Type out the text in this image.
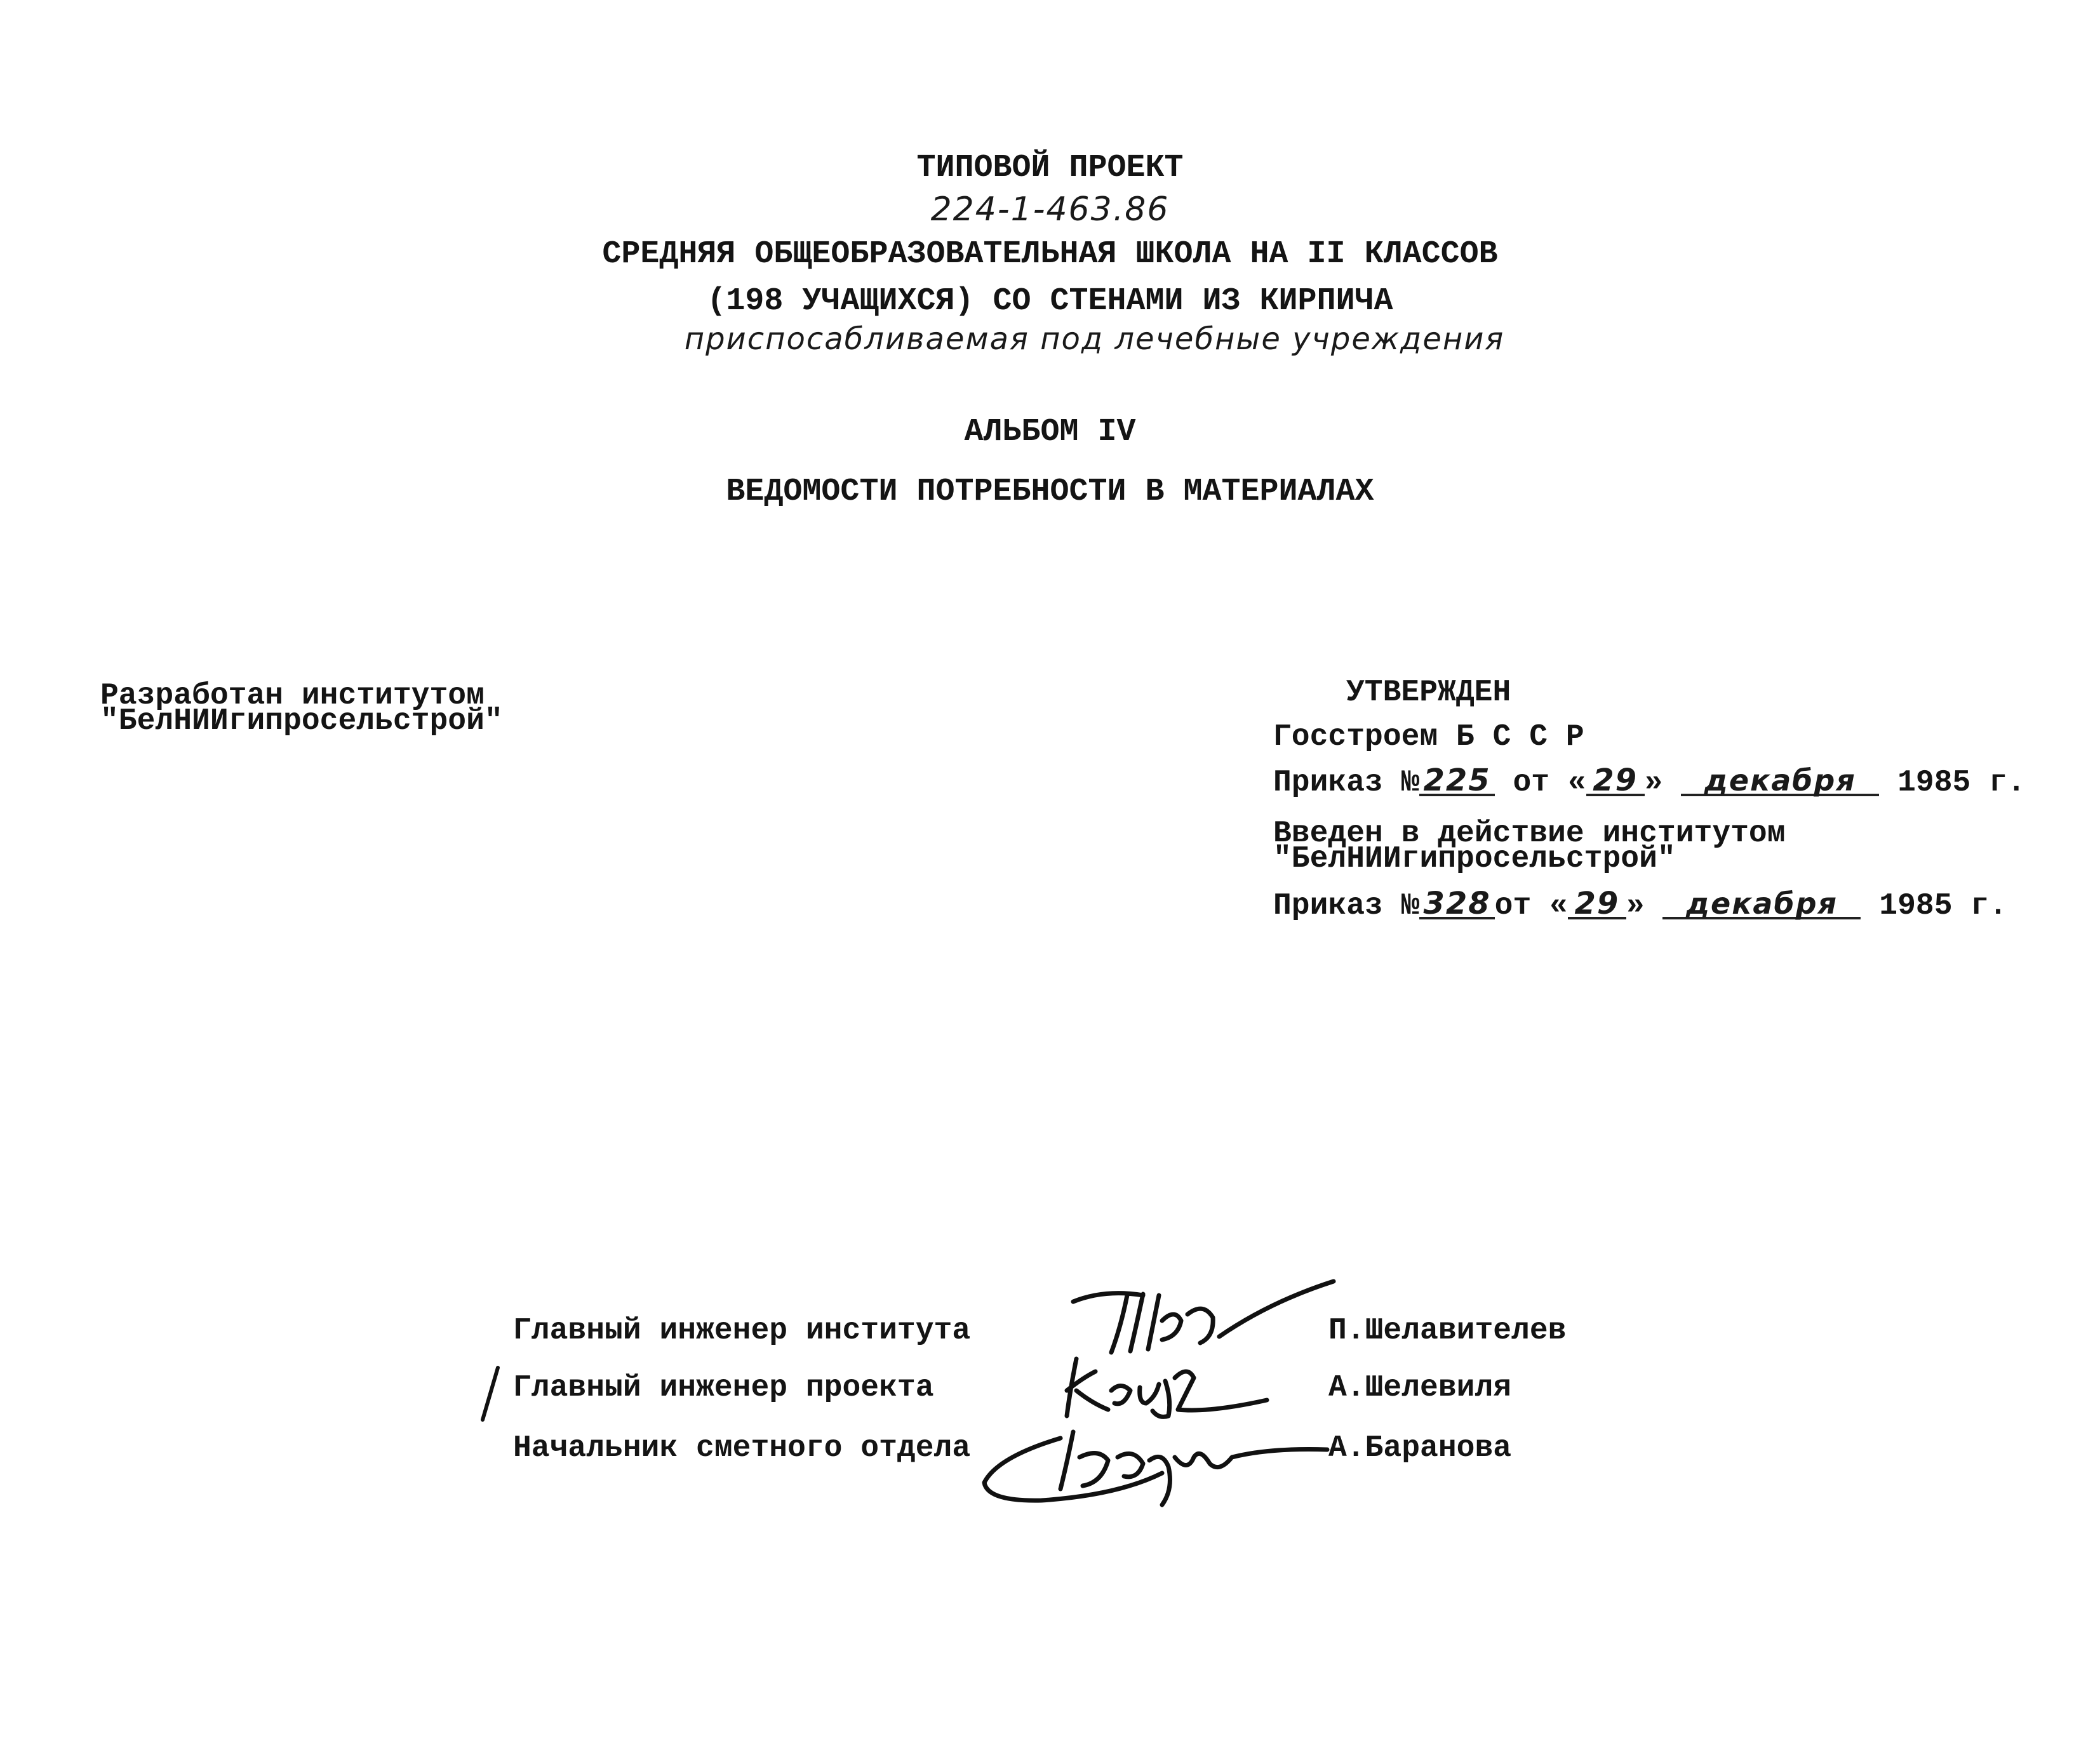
ТИПОВОЙ ПРОЕКТ
224-1-463.86
СРЕДНЯЯ ОБЩЕОБРАЗОВАТЕЛЬНАЯ ШКОЛА НА II КЛАССОВ
(198 УЧАЩИХСЯ) СО СТЕНАМИ ИЗ КИРПИЧА
приспосабливаемая под лечебные учреждения
АЛЬБОМ IV
ВЕДОМОСТИ ПОТРЕБНОСТИ В МАТЕРИАЛАХ
Разработан институтом
"БелНИИгипросельстрой"
УТВЕРЖДЕН
Госстроем Б С С Р
Приказ № 225 от « 29 » декабря 1985 г.
Введен в действие институтом
"БелНИИгипросельстрой"
Приказ № 328 от « 29 » декабря 1985 г.
Главный инженер института
Главный инженер проекта
Начальник сметного отдела
П.Шелавителев
А.Шелевиля
А.Баранова
